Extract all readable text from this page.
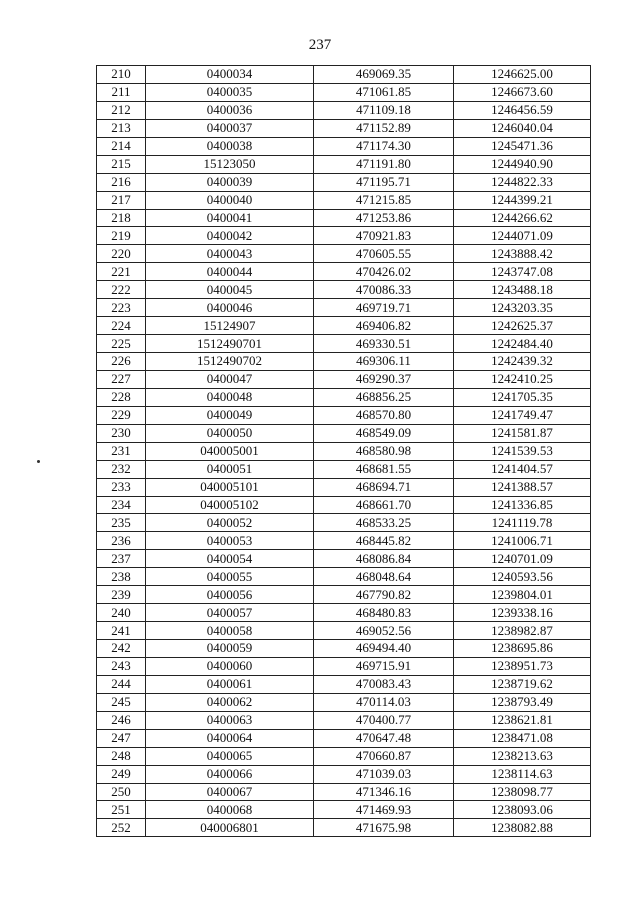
237
210	0400034	469069.35	1246625.00
211	0400035	471061.85	1246673.60
212	0400036	471109.18	1246456.59
213	0400037	471152.89	1246040.04
214	0400038	471174.30	1245471.36
215	15123050	471191.80	1244940.90
216	0400039	471195.71	1244822.33
217	0400040	471215.85	1244399.21
218	0400041	471253.86	1244266.62
219	0400042	470921.83	1244071.09
220	0400043	470605.55	1243888.42
221	0400044	470426.02	1243747.08
222	0400045	470086.33	1243488.18
223	0400046	469719.71	1243203.35
224	15124907	469406.82	1242625.37
225	1512490701	469330.51	1242484.40
226	1512490702	469306.11	1242439.32
227	0400047	469290.37	1242410.25
228	0400048	468856.25	1241705.35
229	0400049	468570.80	1241749.47
230	0400050	468549.09	1241581.87
231	040005001	468580.98	1241539.53
232	0400051	468681.55	1241404.57
233	040005101	468694.71	1241388.57
234	040005102	468661.70	1241336.85
235	0400052	468533.25	1241119.78
236	0400053	468445.82	1241006.71
237	0400054	468086.84	1240701.09
238	0400055	468048.64	1240593.56
239	0400056	467790.82	1239804.01
240	0400057	468480.83	1239338.16
241	0400058	469052.56	1238982.87
242	0400059	469494.40	1238695.86
243	0400060	469715.91	1238951.73
244	0400061	470083.43	1238719.62
245	0400062	470114.03	1238793.49
246	0400063	470400.77	1238621.81
247	0400064	470647.48	1238471.08
248	0400065	470660.87	1238213.63
249	0400066	471039.03	1238114.63
250	0400067	471346.16	1238098.77
251	0400068	471469.93	1238093.06
252	040006801	471675.98	1238082.88
